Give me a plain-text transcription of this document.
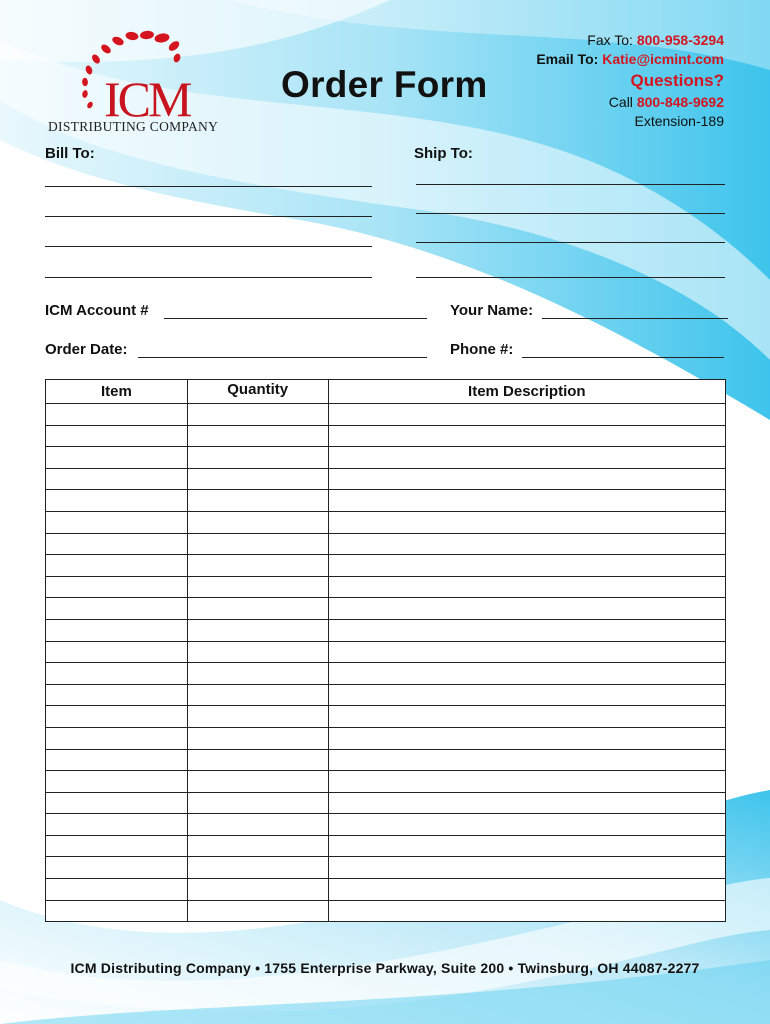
ICM
DISTRIBUTING COMPANY
Order Form
Fax To: 800-958-3294
Email To: Katie@icmint.com
Questions?
Call 800-848-9692
Extension-189
Bill To:	Ship To:
ICM Account #	Your Name:
Order Date:	Phone #:
Item	Quantity	Item Description

ICM Distributing Company • 1755 Enterprise Parkway, Suite 200 • Twinsburg, OH 44087-2277
